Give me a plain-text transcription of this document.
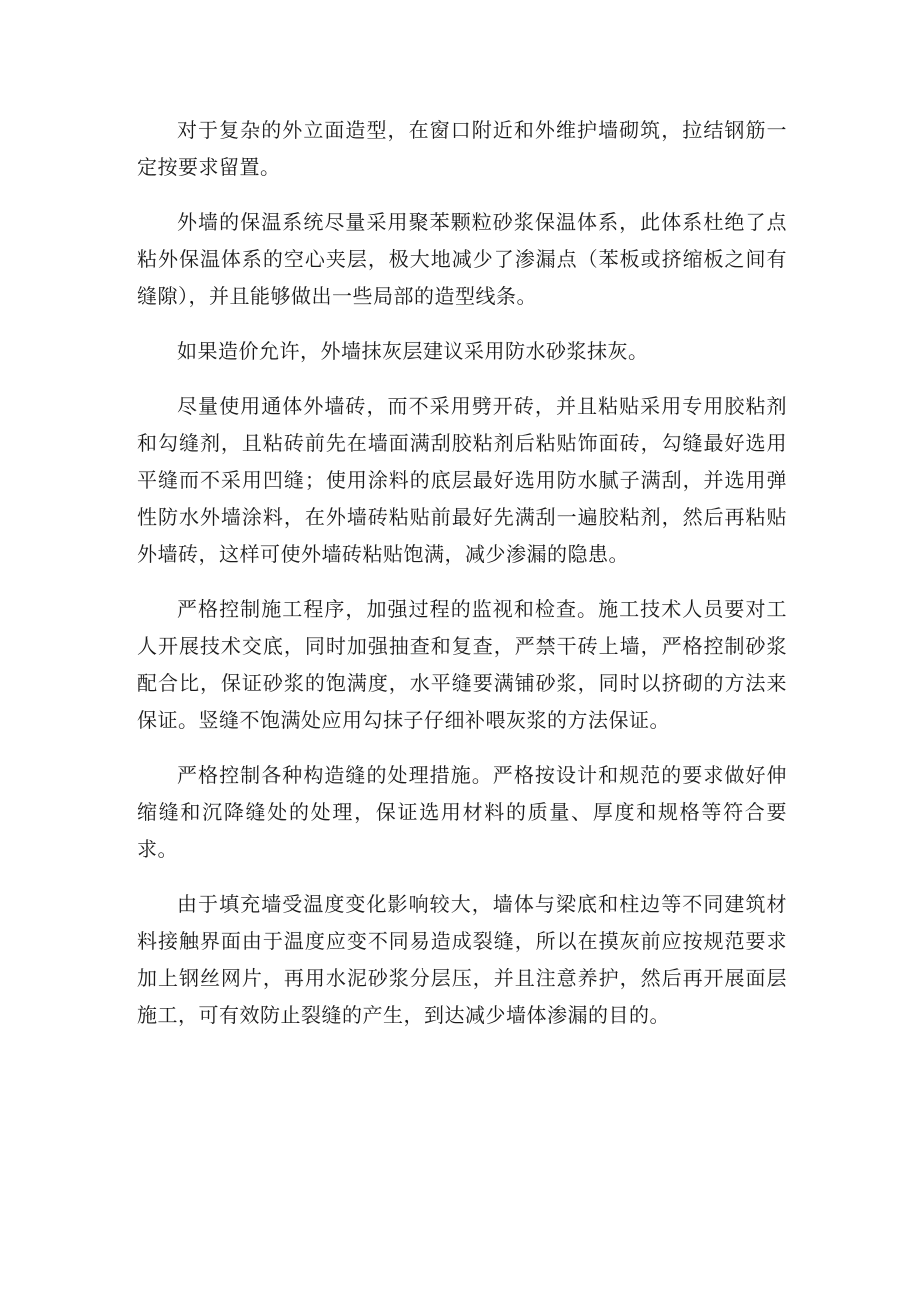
对于复杂的外立面造型，在窗口附近和外维护墙砌筑，拉结钢筋一定按要求留置。

外墙的保温系统尽量采用聚苯颗粒砂浆保温体系，此体系杜绝了点粘外保温体系的空心夹层，极大地减少了渗漏点（苯板或挤缩板之间有缝隙），并且能够做出一些局部的造型线条。

如果造价允许，外墙抹灰层建议采用防水砂浆抹灰。

尽量使用通体外墙砖，而不采用劈开砖，并且粘贴采用专用胶粘剂和勾缝剂，且粘砖前先在墙面满刮胶粘剂后粘贴饰面砖，勾缝最好选用平缝而不采用凹缝；使用涂料的底层最好选用防水腻子满刮，并选用弹性防水外墙涂料，在外墙砖粘贴前最好先满刮一遍胶粘剂，然后再粘贴外墙砖，这样可使外墙砖粘贴饱满，减少渗漏的隐患。

严格控制施工程序，加强过程的监视和检查。施工技术人员要对工人开展技术交底，同时加强抽查和复查，严禁干砖上墙，严格控制砂浆配合比，保证砂浆的饱满度，水平缝要满铺砂浆，同时以挤砌的方法来保证。竖缝不饱满处应用勾抹子仔细补喂灰浆的方法保证。

严格控制各种构造缝的处理措施。严格按设计和规范的要求做好伸缩缝和沉降缝处的处理，保证选用材料的质量、厚度和规格等符合要求。

由于填充墙受温度变化影响较大，墙体与梁底和柱边等不同建筑材料接触界面由于温度应变不同易造成裂缝，所以在摸灰前应按规范要求加上钢丝网片，再用水泥砂浆分层压，并且注意养护，然后再开展面层施工，可有效防止裂缝的产生，到达减少墙体渗漏的目的。
